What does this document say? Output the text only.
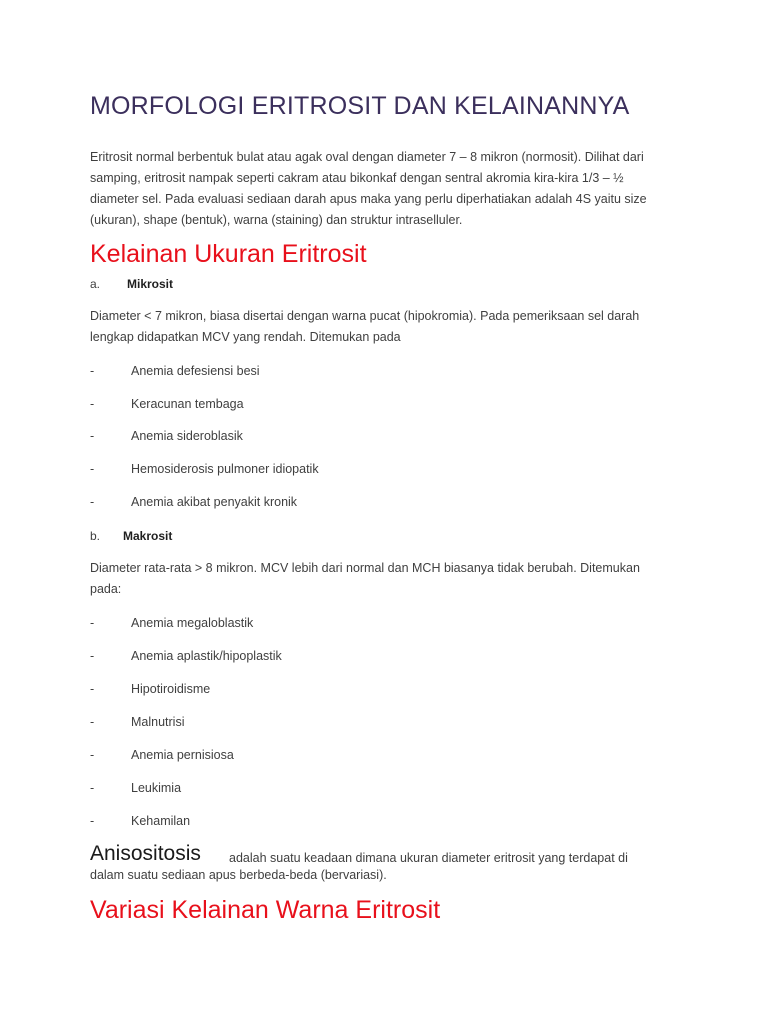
MORFOLOGI ERITROSIT DAN KELAINANNYA
Eritrosit normal berbentuk bulat atau agak oval dengan diameter 7 – 8 mikron (normosit). Dilihat dari
samping, eritrosit nampak seperti cakram atau bikonkaf dengan sentral akromia kira-kira 1/3 – ½
diameter sel. Pada evaluasi sediaan darah apus maka yang perlu diperhatiakan adalah 4S yaitu size
(ukuran), shape (bentuk), warna (staining) dan struktur intraselluler.
Kelainan Ukuran Eritrosit
a. Mikrosit
Diameter < 7 mikron, biasa disertai dengan warna pucat (hipokromia). Pada pemeriksaan sel darah
lengkap didapatkan MCV yang rendah. Ditemukan pada
-	Anemia defesiensi besi
-	Keracunan tembaga
-	Anemia sideroblasik
-	Hemosiderosis pulmoner idiopatik
-	Anemia akibat penyakit kronik
b. Makrosit
Diameter rata-rata > 8 mikron. MCV lebih dari normal dan MCH biasanya tidak berubah. Ditemukan
pada:
-	Anemia megaloblastik
-	Anemia aplastik/hipoplastik
-	Hipotiroidisme
-	Malnutrisi
-	Anemia pernisiosa
-	Leukimia
-	Kehamilan
Anisositosis adalah suatu keadaan dimana ukuran diameter eritrosit yang terdapat di
dalam suatu sediaan apus berbeda-beda (bervariasi).
Variasi Kelainan Warna Eritrosit
